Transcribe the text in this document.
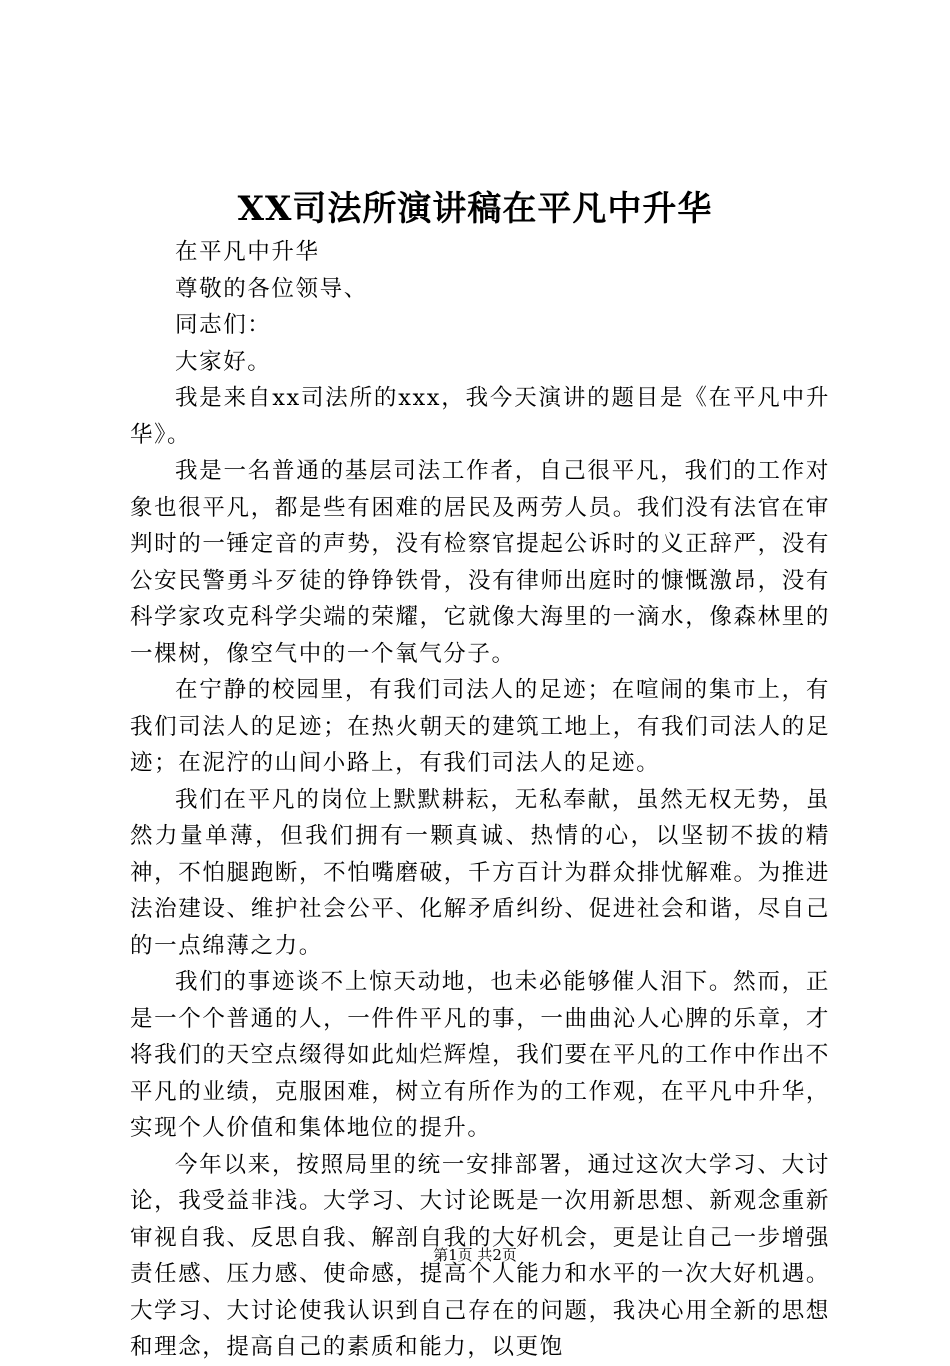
XX司法所演讲稿在平凡中升华

在平凡中升华

尊敬的各位领导、

同志们：

大家好。

我是来自xx司法所的xxx，我今天演讲的题目是《在平凡中升华》。

我是一名普通的基层司法工作者，自己很平凡，我们的工作对象也很平凡，都是些有困难的居民及两劳人员。我们没有法官在审判时的一锤定音的声势，没有检察官提起公诉时的义正辞严，没有公安民警勇斗歹徒的铮铮铁骨，没有律师出庭时的慷慨激昂，没有科学家攻克科学尖端的荣耀，它就像大海里的一滴水，像森林里的一棵树，像空气中的一个氧气分子。

在宁静的校园里，有我们司法人的足迹；在喧闹的集市上，有我们司法人的足迹；在热火朝天的建筑工地上，有我们司法人的足迹；在泥泞的山间小路上，有我们司法人的足迹。

我们在平凡的岗位上默默耕耘，无私奉献，虽然无权无势，虽然力量单薄，但我们拥有一颗真诚、热情的心，以坚韧不拔的精神，不怕腿跑断，不怕嘴磨破，千方百计为群众排忧解难。为推进法治建设、维护社会公平、化解矛盾纠纷、促进社会和谐，尽自己的一点绵薄之力。

我们的事迹谈不上惊天动地，也未必能够催人泪下。然而，正是一个个普通的人，一件件平凡的事，一曲曲沁人心脾的乐章，才将我们的天空点缀得如此灿烂辉煌，我们要在平凡的工作中作出不平凡的业绩，克服困难，树立有所作为的工作观，在平凡中升华，实现个人价值和集体地位的提升。

今年以来，按照局里的统一安排部署，通过这次大学习、大讨论，我受益非浅。大学习、大讨论既是一次用新思想、新观念重新审视自我、反思自我、解剖自我的大好机会，更是让自己一步增强责任感、压力感、使命感，提高个人能力和水平的一次大好机遇。大学习、大讨论使我认识到自己存在的问题，我决心用全新的思想和理念，提高自己的素质和能力，以更饱

第1页 共2页
